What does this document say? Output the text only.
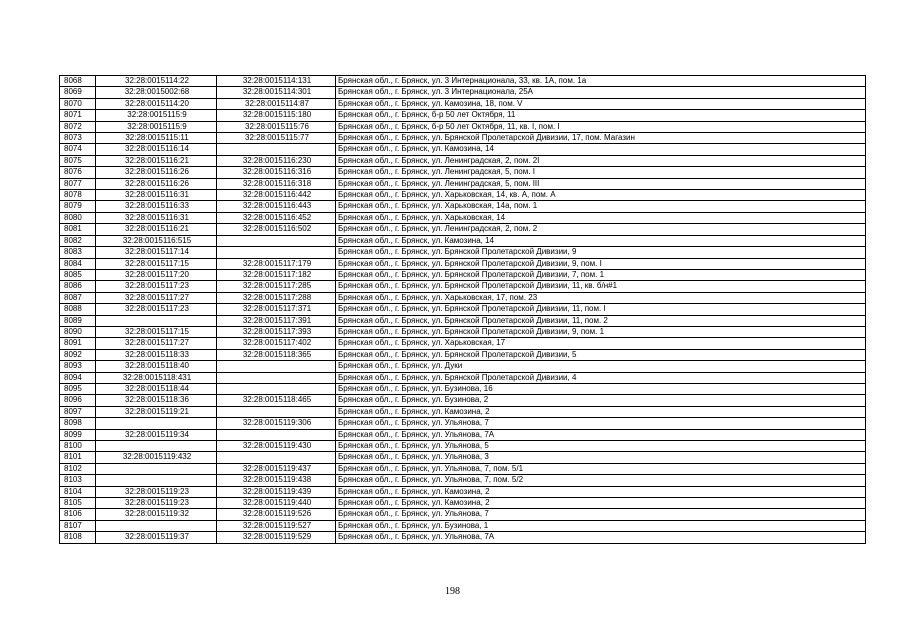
8068	32:28:0015114:22	32:28:0015114:131	Брянская обл., г. Брянск, ул. 3 Интернационала, 33, кв. 1А, пом. 1а
8069	32:28:0015002:68	32:28:0015114:301	Брянская обл., г. Брянск, ул. 3 Интернационала, 25А
8070	32:28:0015114:20	32:28:0015114:87	Брянская обл., г. Брянск, ул. Камозина, 18, пом. V
8071	32:28:0015115:9	32:28:0015115:180	Брянская обл., г. Брянск, б-р 50 лет Октября, 11
8072	32:28:0015115:9	32:28:0015115:76	Брянская обл., г. Брянск, б-р 50 лет Октября, 11, кв. I, пом. I
8073	32:28:0015115:11	32:28:0015115:77	Брянская обл., г. Брянск, ул. Брянской Пролетарской Дивизии, 17, пом. Магазин
8074	32:28:0015116:14		Брянская обл., г. Брянск, ул. Камозина, 14
8075	32:28:0015116:21	32:28:0015116:230	Брянская обл., г. Брянск, ул. Ленинградская, 2, пом. 2I
8076	32:28:0015116:26	32:28:0015116:316	Брянская обл., г. Брянск, ул. Ленинградская, 5, пом. I
8077	32:28:0015116:26	32:28:0015116:318	Брянская обл., г. Брянск, ул. Ленинградская, 5, пом. III
8078	32:28:0015116:31	32:28:0015116:442	Брянская обл., г. Брянск, ул. Харьковская, 14, кв. А, пом. А
8079	32:28:0015116:33	32:28:0015116:443	Брянская обл., г. Брянск, ул. Харьковская, 14а, пом. 1
8080	32:28:0015116:31	32:28:0015116:452	Брянская обл., г. Брянск, ул. Харьковская, 14
8081	32:28:0015116:21	32:28:0015116:502	Брянская обл., г. Брянск, ул. Ленинградская, 2, пом. 2
8082	32:28:0015116:515		Брянская обл., г. Брянск, ул. Камозина, 14
8083	32:28:0015117:14		Брянская обл., г. Брянск, ул. Брянской Пролетарской Дивизии, 9
8084	32:28:0015117:15	32:28:0015117:179	Брянская обл., г. Брянск, ул. Брянской Пролетарской Дивизии, 9, пом. I
8085	32:28:0015117:20	32:28:0015117:182	Брянская обл., г. Брянск, ул. Брянской Пролетарской Дивизии, 7, пом. 1
8086	32:28:0015117:23	32:28:0015117:285	Брянская обл., г. Брянск, ул. Брянской Пролетарской Дивизии, 11, кв. б/н#1
8087	32:28:0015117:27	32:28:0015117:288	Брянская обл., г. Брянск, ул. Харьковская, 17, пом. 23
8088	32:28:0015117:23	32:28:0015117:371	Брянская обл., г. Брянск, ул. Брянской Пролетарской Дивизии, 11, пом. I
8089		32:28:0015117:391	Брянская обл., г. Брянск, ул. Брянской Пролетарской Дивизии, 11, пом. 2
8090	32:28:0015117:15	32:28:0015117:393	Брянская обл., г. Брянск, ул. Брянской Пролетарской Дивизии, 9, пом. 1
8091	32:28:0015117:27	32:28:0015117:402	Брянская обл., г. Брянск, ул. Харьковская, 17
8092	32:28:0015118:33	32:28:0015118:365	Брянская обл., г. Брянск, ул. Брянской Пролетарской Дивизии, 5
8093	32:28:0015118:40		Брянская обл., г. Брянск, ул. Дуки
8094	32:28:0015118:431		Брянская обл., г. Брянск, ул. Брянской Пролетарской Дивизии, 4
8095	32:28:0015118:44		Брянская обл., г. Брянск, ул. Бузинова, 16
8096	32:28:0015118:36	32:28:0015118:465	Брянская обл., г. Брянск, ул. Бузинова, 2
8097	32:28:0015119:21		Брянская обл., г. Брянск, ул. Камозина, 2
8098		32:28:0015119:306	Брянская обл., г. Брянск, ул. Ульянова, 7
8099	32:28:0015119:34		Брянская обл., г. Брянск, ул. Ульянова, 7А
8100		32:28:0015119:430	Брянская обл., г. Брянск, ул. Ульянова, 5
8101	32:28:0015119:432		Брянская обл., г. Брянск, ул. Ульянова, 3
8102		32:28:0015119:437	Брянская обл., г. Брянск, ул. Ульянова, 7, пом. 5/1
8103		32:28:0015119:438	Брянская обл., г. Брянск, ул. Ульянова, 7, пом. 5/2
8104	32:28:0015119:23	32:28:0015119:439	Брянская обл., г. Брянск, ул. Камозина, 2
8105	32:28:0015119:23	32:28:0015119:440	Брянская обл., г. Брянск, ул. Камозина, 2
8106	32:28:0015119:32	32:28:0015119:526	Брянская обл., г. Брянск, ул. Ульянова, 7
8107		32:28:0015119:527	Брянская обл., г. Брянск, ул. Бузинова, 1
8108	32:28:0015119:37	32:28:0015119:529	Брянская обл., г. Брянск, ул. Ульянова, 7А
198
